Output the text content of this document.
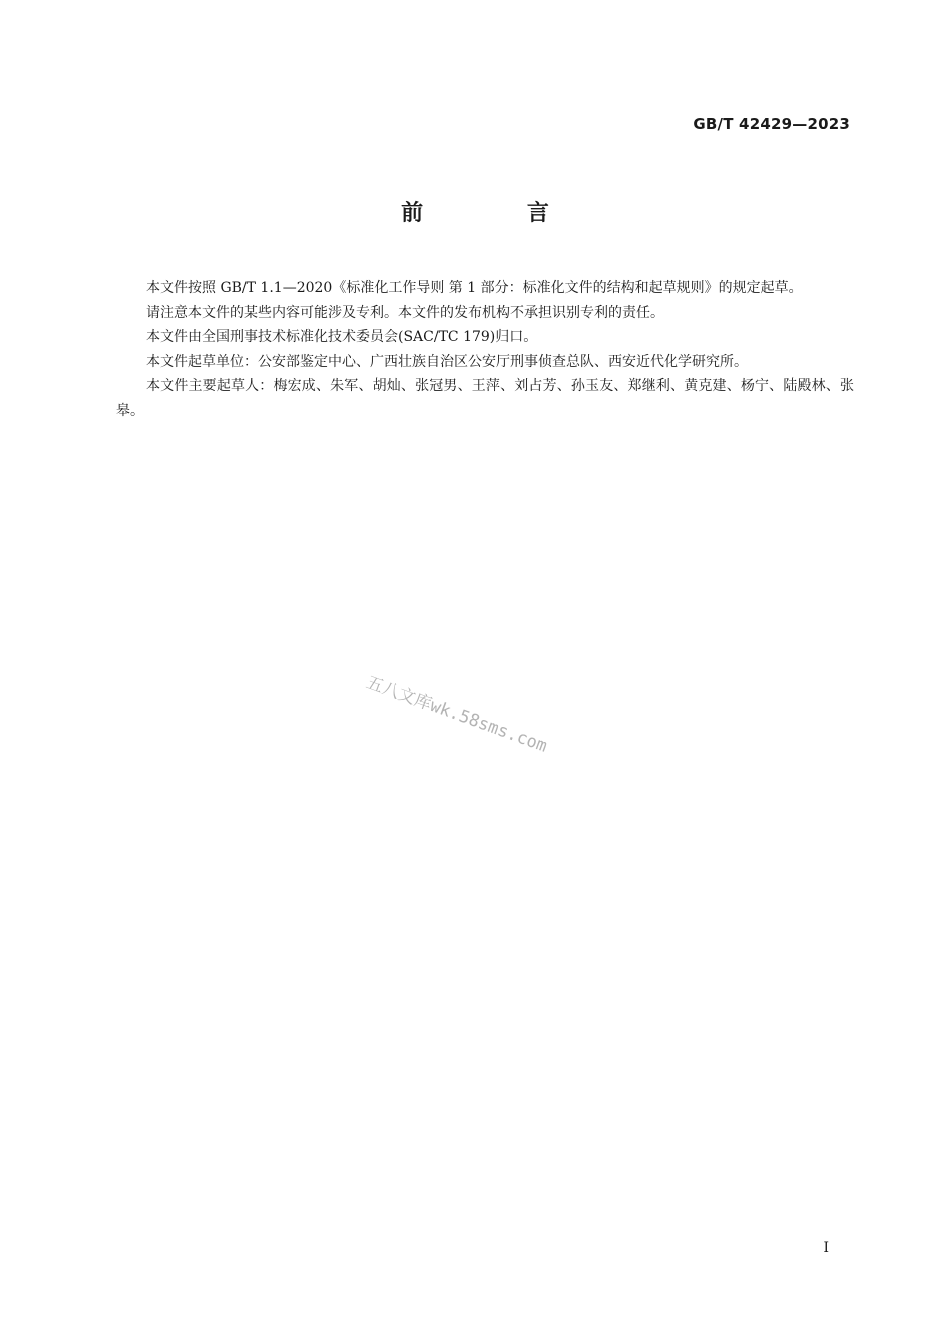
GB/T 42429—2023
前 言

本文件按照 GB/T 1.1—2020《标准化工作导则 第 1 部分：标准化文件的结构和起草规则》的规定起草。

请注意本文件的某些内容可能涉及专利。本文件的发布机构不承担识别专利的责任。

本文件由全国刑事技术标准化技术委员会(SAC/TC 179)归口。

本文件起草单位：公安部鉴定中心、广西壮族自治区公安厅刑事侦查总队、西安近代化学研究所。

本文件主要起草人：梅宏成、朱军、胡灿、张冠男、王萍、刘占芳、孙玉友、郑继利、黄克建、杨宁、陆殿林、张皋。

五八文库wk.58sms.com
I
